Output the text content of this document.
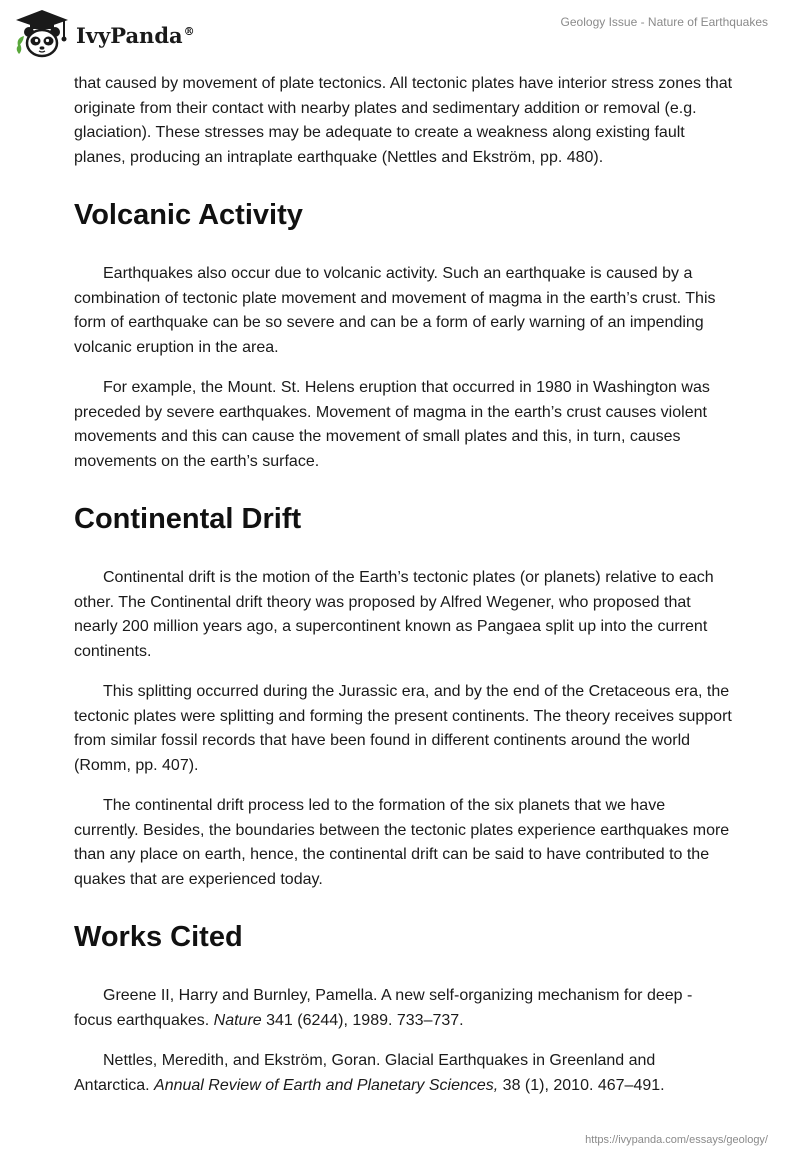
IvyPanda®
Geology Issue - Nature of Earthquakes

that caused by movement of plate tectonics. All tectonic plates have interior stress zones that originate from their contact with nearby plates and sedimentary addition or removal (e.g. glaciation). These stresses may be adequate to create a weakness along existing fault planes, producing an intraplate earthquake (Nettles and Ekström, pp. 480).

Volcanic Activity

Earthquakes also occur due to volcanic activity. Such an earthquake is caused by a combination of tectonic plate movement and movement of magma in the earth’s crust. This form of earthquake can be so severe and can be a form of early warning of an impending volcanic eruption in the area.

For example, the Mount. St. Helens eruption that occurred in 1980 in Washington was preceded by severe earthquakes. Movement of magma in the earth’s crust causes violent movements and this can cause the movement of small plates and this, in turn, causes movements on the earth’s surface.

Continental Drift

Continental drift is the motion of the Earth’s tectonic plates (or planets) relative to each other. The Continental drift theory was proposed by Alfred Wegener, who proposed that nearly 200 million years ago, a supercontinent known as Pangaea split up into the current continents.

This splitting occurred during the Jurassic era, and by the end of the Cretaceous era, the tectonic plates were splitting and forming the present continents. The theory receives support from similar fossil records that have been found in different continents around the world (Romm, pp. 407).

The continental drift process led to the formation of the six planets that we have currently. Besides, the boundaries between the tectonic plates experience earthquakes more than any place on earth, hence, the continental drift can be said to have contributed to the quakes that are experienced today.

Works Cited

Greene II, Harry and Burnley, Pamella. A new self-organizing mechanism for deep - focus earthquakes. Nature 341 (6244), 1989. 733–737.

Nettles, Meredith, and Ekström, Goran. Glacial Earthquakes in Greenland and Antarctica. Annual Review of Earth and Planetary Sciences, 38 (1), 2010. 467–491.

https://ivypanda.com/essays/geology/
